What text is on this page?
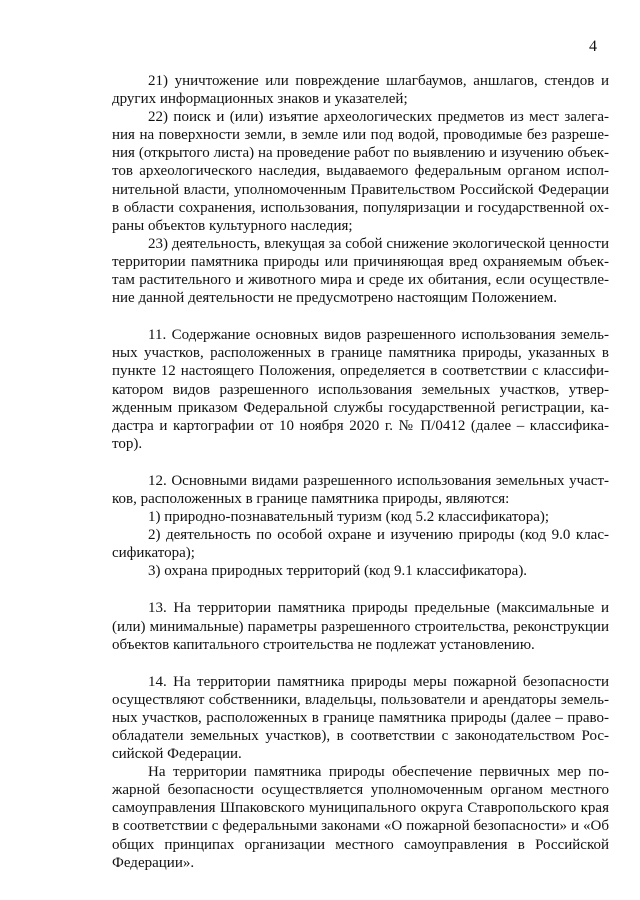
4

21) уничтожение или повреждение шлагбаумов, аншлагов, стендов и других информационных знаков и указателей;

22) поиск и (или) изъятие археологических предметов из мест залегания на поверхности земли, в земле или под водой, проводимые без разрешения (открытого листа) на проведение работ по выявлению и изучению объектов археологического наследия, выдаваемого федеральным органом исполнительной власти, уполномоченным Правительством Российской Федерации в области сохранения, использования, популяризации и государственной охраны объектов культурного наследия;

23) деятельность, влекущая за собой снижение экологической ценности территории памятника природы или причиняющая вред охраняемым объектам растительного и животного мира и среде их обитания, если осуществление данной деятельности не предусмотрено настоящим Положением.

11. Содержание основных видов разрешенного использования земельных участков, расположенных в границе памятника природы, указанных в пункте 12 настоящего Положения, определяется в соответствии с классификатором видов разрешенного использования земельных участков, утвержденным приказом Федеральной службы государственной регистрации, кадастра и картографии от 10 ноября 2020 г. № П/0412 (далее – классификатор).

12. Основными видами разрешенного использования земельных участков, расположенных в границе памятника природы, являются:

1) природно-познавательный туризм (код 5.2 классификатора);

2) деятельность по особой охране и изучению природы (код 9.0 классификатора);

3) охрана природных территорий (код 9.1 классификатора).

13. На территории памятника природы предельные (максимальные и (или) минимальные) параметры разрешенного строительства, реконструкции объектов капитального строительства не подлежат установлению.

14. На территории памятника природы меры пожарной безопасности осуществляют собственники, владельцы, пользователи и арендаторы земельных участков, расположенных в границе памятника природы (далее – правообладатели земельных участков), в соответствии с законодательством Российской Федерации.

На территории памятника природы обеспечение первичных мер пожарной безопасности осуществляется уполномоченным органом местного самоуправления Шпаковского муниципального округа Ставропольского края в соответствии с федеральными законами «О пожарной безопасности» и «Об общих принципах организации местного самоуправления в Российской Федерации».
